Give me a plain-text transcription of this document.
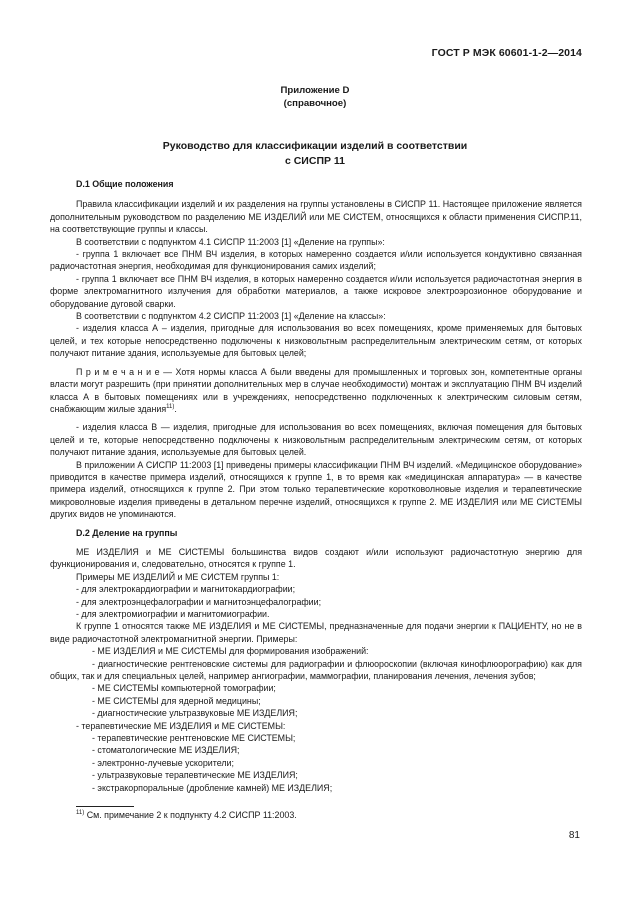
ГОСТ Р МЭК 60601-1-2—2014
Приложение D
(справочное)
Руководство для классификации изделий в соответствии
с СИСПР 11

D.1 Общие положения

Правила классификации изделий и их разделения на группы установлены в СИСПР 11. Настоящее приложение является дополнительным руководством по разделению МЕ ИЗДЕЛИЙ или МЕ СИСТЕМ, относящихся к области применения СИСПР.11, на соответствующие группы и классы.

В соответствии с подпунктом 4.1 СИСПР 11:2003 [1] «Деление на группы»:

- группа 1 включает все ПНМ ВЧ изделия, в которых намеренно создается и/или используется кондуктивно связанная радиочастотная энергия, необходимая для функционирования самих изделий;

- группа 1 включает все ПНМ ВЧ изделия, в которых намеренно создается и/или используется радиочастотная энергия в форме электромагнитного излучения для обработки материалов, а также искровое электроэрозионное оборудование и оборудование дуговой сварки.

В соответствии с подпунктом 4.2 СИСПР 11:2003 [1] «Деление на классы»:

- изделия класса А – изделия, пригодные для использования во всех помещениях, кроме применяемых для бытовых целей, и тех которые непосредственно подключены к низковольтным распределительным электрическим сетям, от которых получают питание здания, используемые для бытовых целей;

П р и м е ч а н и е — Хотя нормы класса А были введены для промышленных и торговых зон, компетентные органы власти могут разрешить (при принятии дополнительных мер в случае необходимости) монтаж и эксплуатацию ПНМ ВЧ изделий класса А в бытовых помещениях или в учреждениях, непосредственно подключенных к электрическим силовым сетям, снабжающим жилые здания$^{11)}$.

- изделия класса В — изделия, пригодные для использования во всех помещениях, включая помещения для бытовых целей и те, которые непосредственно подключены к низковольтным распределительным электрическим сетям, от которых получают питание здания, используемые для бытовых целей.

В приложении А СИСПР 11:2003 [1] приведены примеры классификации ПНМ ВЧ изделий. «Медицинское оборудование» приводится в качестве примера изделий, относящихся к группе 1, в то время как «медицинская аппаратура» — в качестве примера изделий, относящихся к группе 2. При этом только терапевтические коротковолновые изделия и терапевтические микроволновые изделия приведены в детальном перечне изделий, относящихся к группе 2. МЕ ИЗДЕЛИЯ или МЕ СИСТЕМЫ других видов не упоминаются.

D.2 Деление на группы

МЕ ИЗДЕЛИЯ и МЕ СИСТЕМЫ большинства видов создают и/или используют радиочастотную энергию для функционирования и, следовательно, относятся к группе 1.

Примеры МЕ ИЗДЕЛИЙ и МЕ СИСТЕМ группы 1:

- для электрокардиографии и магнитокардиографии;

- для электроэнцефалографии и магнитоэнцефалографии;

- для электромиографии и магнитомиографии.

К группе 1 относятся также МЕ ИЗДЕЛИЯ и МЕ СИСТЕМЫ, предназначенные для подачи энергии к ПАЦИЕНТУ, но не в виде радиочастотной электромагнитной энергии. Примеры:

- МЕ ИЗДЕЛИЯ и МЕ СИСТЕМЫ для формирования изображений:

- диагностические рентгеновские системы для радиографии и флюороскопии (включая кинофлюорографию) как для общих, так и для специальных целей, например ангиографии, маммографии, планирования лечения, лечения зубов;

- МЕ СИСТЕМЫ компьютерной томографии;

- МЕ СИСТЕМЫ для ядерной медицины;

- диагностические ультразвуковые МЕ ИЗДЕЛИЯ;

- терапевтические МЕ ИЗДЕЛИЯ и МЕ СИСТЕМЫ:

- терапевтические рентгеновские МЕ СИСТЕМЫ;

- стоматологические МЕ ИЗДЕЛИЯ;

- электронно-лучевые ускорители;

- ультразвуковые терапевтические МЕ ИЗДЕЛИЯ;

- экстракорпоральные (дробление камней) МЕ ИЗДЕЛИЯ;

$^{11)}$ См. примечание 2 к подпункту 4.2 СИСПР 11:2003.
81
